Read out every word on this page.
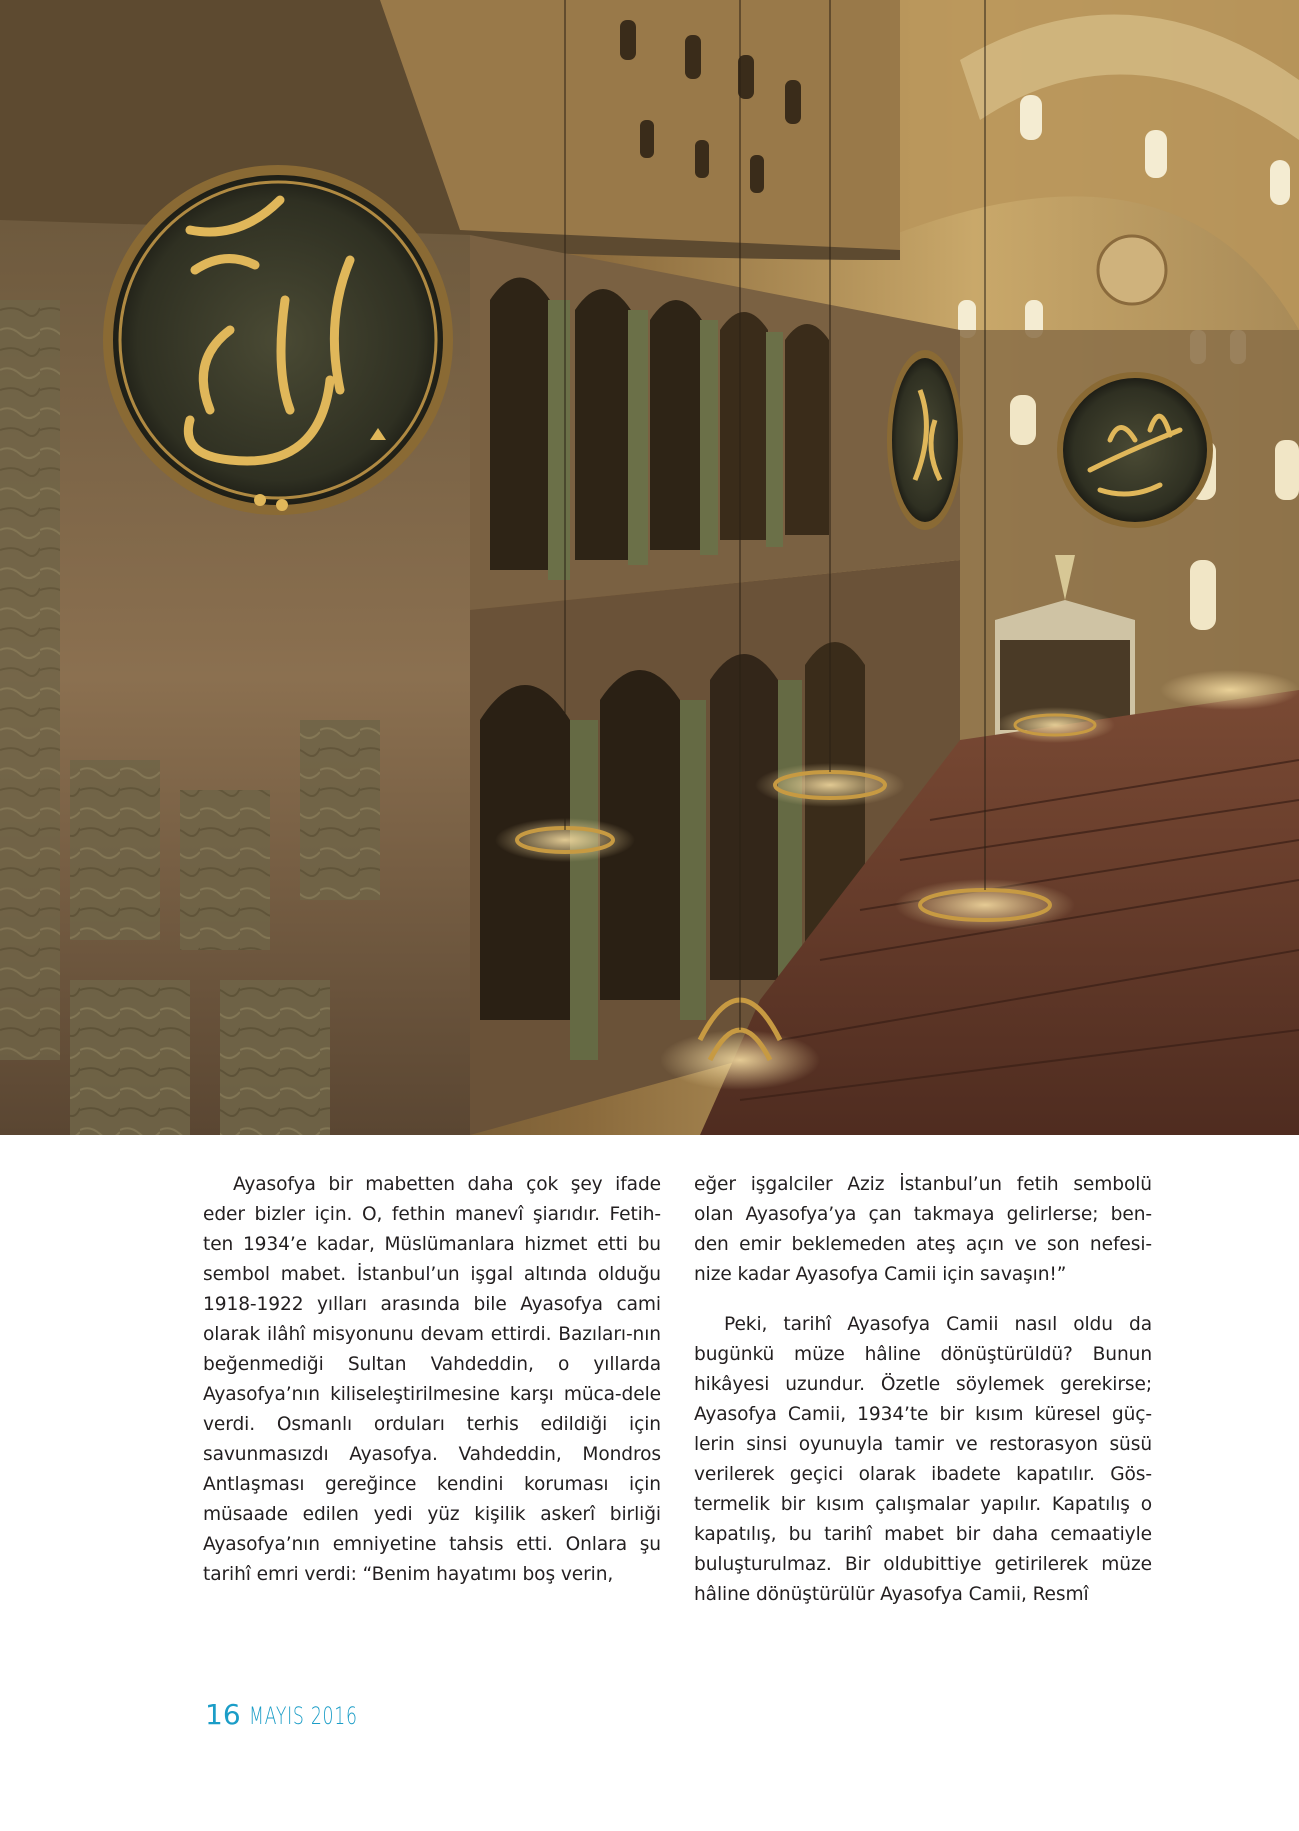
Ayasofya bir mabetten daha çok şey ifade eder bizler için. O, fethin manevî şiarıdır. Fetih-ten 1934’e kadar, Müslümanlara hizmet etti bu sembol mabet. İstanbul’un işgal altında olduğu 1918-1922 yılları arasında bile Ayasofya cami olarak ilâhî misyonunu devam ettirdi. Bazıları-nın beğenmediği Sultan Vahdeddin, o yıllarda Ayasofya’nın kiliseleştirilmesine karşı müca-dele verdi. Osmanlı orduları terhis edildiği için savunmasızdı Ayasofya. Vahdeddin, Mondros Antlaşması gereğince kendini koruması için müsaade edilen yedi yüz kişilik askerî birliği Ayasofya’nın emniyetine tahsis etti. Onlara şu tarihî emri verdi: “Benim hayatımı boş verin,

eğer işgalciler Aziz İstanbul’un fetih sembolü olan Ayasofya’ya çan takmaya gelirlerse; ben-den emir beklemeden ateş açın ve son nefesi-nize kadar Ayasofya Camii için savaşın!”

Peki, tarihî Ayasofya Camii nasıl oldu da bugünkü müze hâline dönüştürüldü? Bunun hikâyesi uzundur. Özetle söylemek gerekirse; Ayasofya Camii, 1934’te bir kısım küresel güç-lerin sinsi oyunuyla tamir ve restorasyon süsü verilerek geçici olarak ibadete kapatılır. Gös-termelik bir kısım çalışmalar yapılır. Kapatılış o kapatılış, bu tarihî mabet bir daha cemaatiyle buluşturulmaz. Bir oldubittiye getirilerek müze hâline dönüştürülür Ayasofya Camii, Resmî

16 MAYIS 2016
